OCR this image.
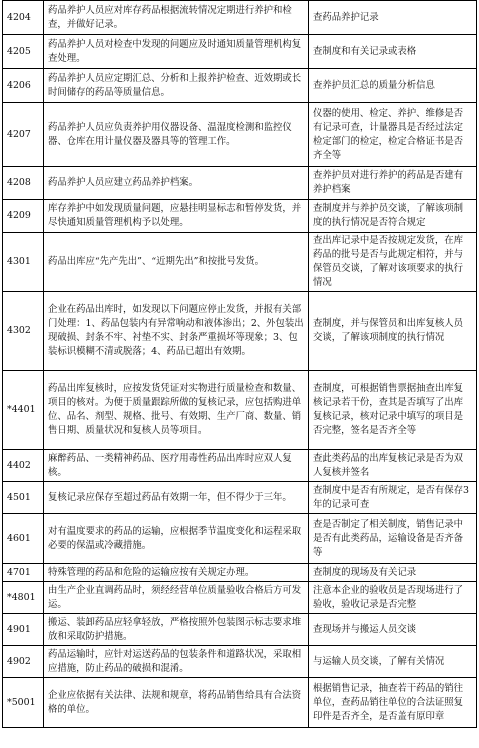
4204	药品养护人员应对库存药品根据流转情况定期进行养护和检查，并做好记录。	查药品养护记录
4205	药品养护人员对检查中发现的问题应及时通知质量管理机构复查处理。	查制度和有关记录或表格
4206	药品养护人员应定期汇总、分析和上报养护检查、近效期或长时间储存的药品等质量信息。	查养护员汇总的质量分析信息
4207	药品养护人员应负责养护用仪器设备、温湿度检测和监控仪器、仓库在用计量仪器及器具等的管理工作。	仪器的使用、检定、养护、维修是否有记录可查，计量器具是否经过法定检定部门的检定，检定合格证书是否齐全等
4208	药品养护人员应建立药品养护档案。	查养护员对进行养护的药品是否建有养护档案
4209	库存养护中如发现质量问题，应悬挂明显标志和暂停发货，并尽快通知质量管理机构予以处理。	查制度并与养护员交谈，了解该项制度的执行情况是否符合规定
4301	药品出库应“先产先出”、“近期先出”和按批号发货。	查出库记录中是否按规定发货，在库药品的批号是否与此规定相符，并与保管员交谈，了解对该项要求的执行情况
4302	企业在药品出库时，如发现以下问题应停止发货，并报有关部门处理：1、药品包装内有异常响动和液体渗出；2、外包装出现破损、封条不牢、衬垫不实、封条严重损坏等现象；3、包装标识模糊不清或脱落；4、药品已超出有效期。	查制度，并与保管员和出库复核人员交谈，了解该项制度的执行情况
*4401	药品出库复核时，应按发货凭证对实物进行质量检查和数量、项目的核对。为便于质量跟踪所做的复核记录，应包括购进单位、品名、剂型、规格、批号、有效期、生产厂商、数量、销售日期、质量状况和复核人员等项目。	查制度，可根据销售票据抽查出库复核记录若干份，查其是否填写了出库复核记录，核对记录中填写的项目是否完整，签名是否齐全等
4402	麻醉药品、一类精神药品、医疗用毒性药品出库时应双人复核。	查此类药品的出库复核记录是否为双人复核并签名
4501	复核记录应保存至超过药品有效期一年，但不得少于三年。	查制度中是否有所规定，是否有保存3年的记录可查
4601	对有温度要求的药品的运输，应根据季节温度变化和运程采取必要的保温或冷藏措施。	查是否制定了相关制度，销售记录中是否有此类药品，运输设备是否齐备等
4701	特殊管理的药品和危险的运输应按有关规定办理。	查制度的现场及有关记录
*4801	由生产企业直调药品时，须经经营单位质量验收合格后方可发运。	注意本企业的验收员是否现场进行了验收，验收记录是否完整
4901	搬运、装卸药品应轻拿轻放，严格按照外包装图示标志要求堆放和采取防护措施。	查现场并与搬运人员交谈
4902	药品运输时，应针对运送药品的包装条件和道路状况，采取相应措施，防止药品的破损和混淆。	与运输人员交谈，了解有关情况
*5001	企业应依据有关法律、法规和规章，将药品销售给具有合法资格的单位。	根据销售记录，抽查若干药品的销往单位，查药品销往单位的合法证照复印件是否齐全，是否盖有原印章
